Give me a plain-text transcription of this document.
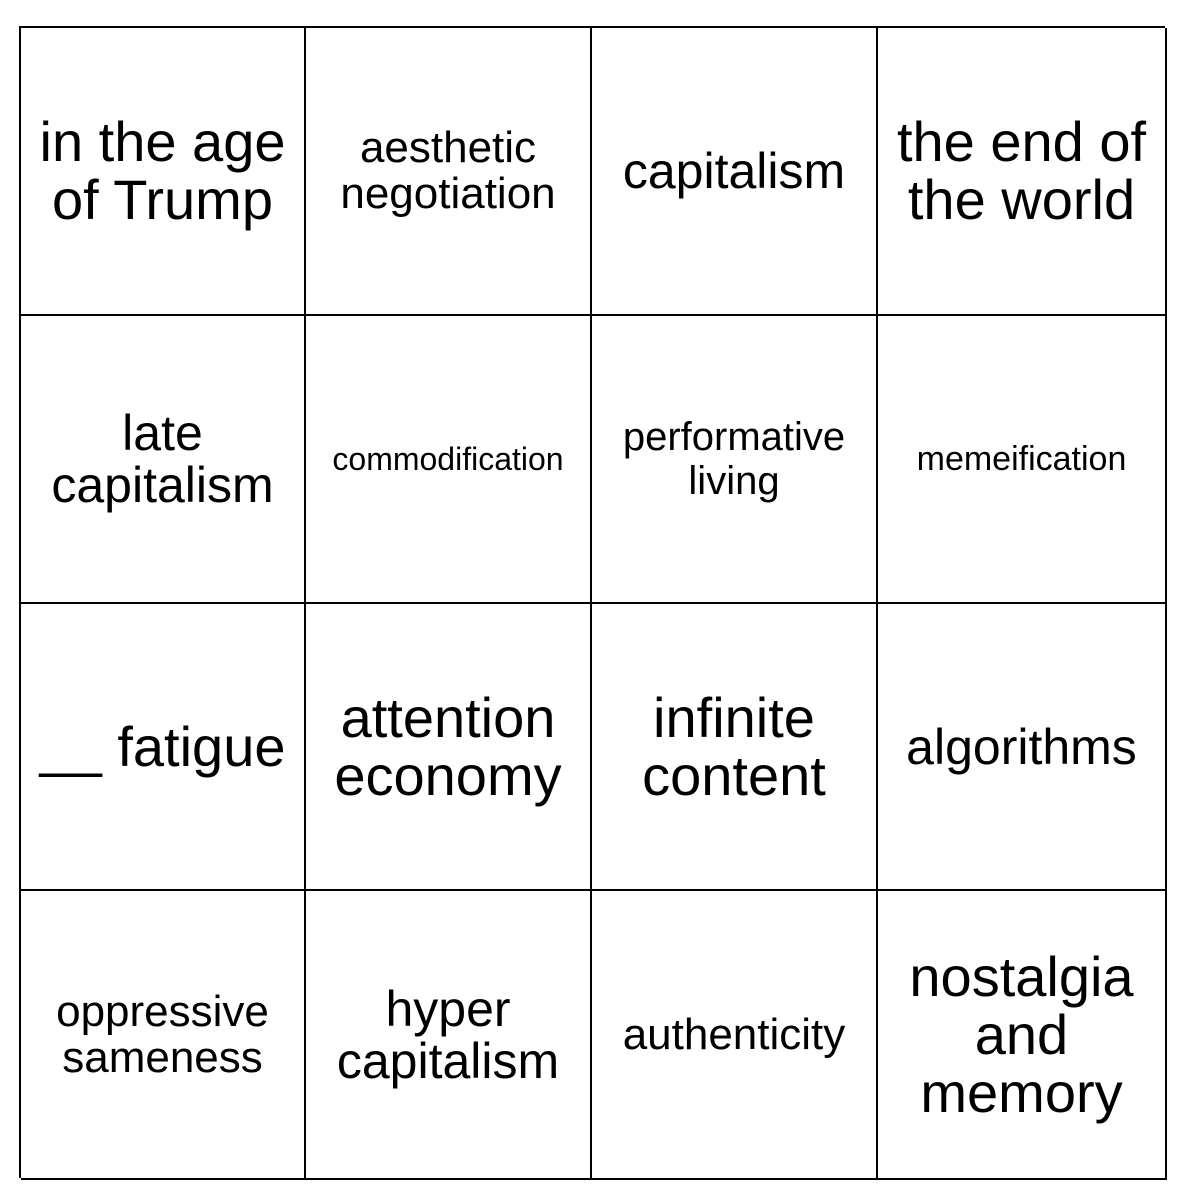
in the age
of Trump
aesthetic
negotiation capitalism the end of
the world
late
capitalism commodification performative
living	memeification
__ fatigue attention
economy
infinite
content algorithms
oppressive
sameness
hyper
capitalism authenticity
nostalgia
and
memory
